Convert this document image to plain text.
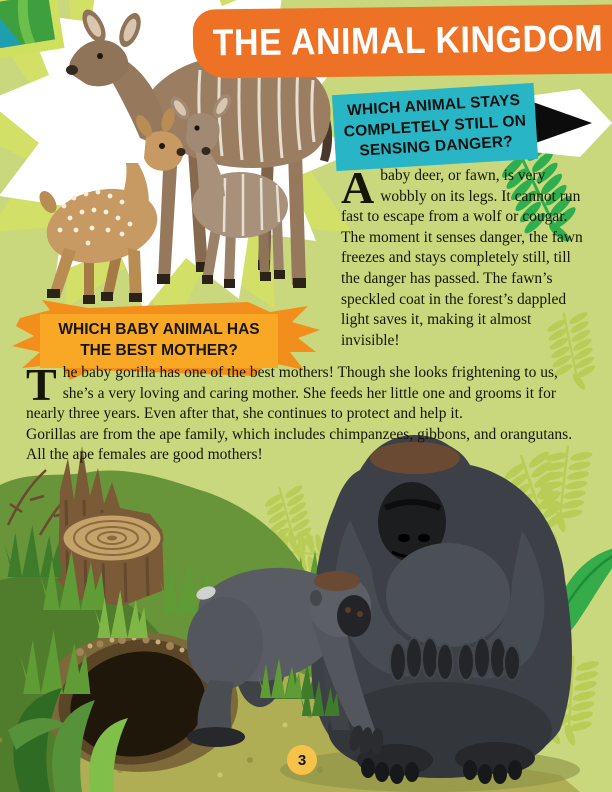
THE ANIMAL KINGDOM
WHICH ANIMAL STAYS
COMPLETELY STILL ON
SENSING DANGER?
Ababy deer, or fawn, is very wobbly on its legs. It cannot run fast to escape from a wolf or cougar. The moment it senses danger, the fawn freezes and stays completely still, till the danger has passed. The fawn’s speckled coat in the forest’s dappled light saves it, making it almost invisible!
WHICH BABY ANIMAL HAS
THE BEST MOTHER?

The baby gorilla has one of the best mothers! Though she looks frightening to us, she’s a very loving and caring mother. She feeds her little one and grooms it for nearly three years. Even after that, she continues to protect and help it.

Gorillas are from the ape family, which includes chimpanzees, gibbons, and orangutans. All the ape females are good mothers!

3
